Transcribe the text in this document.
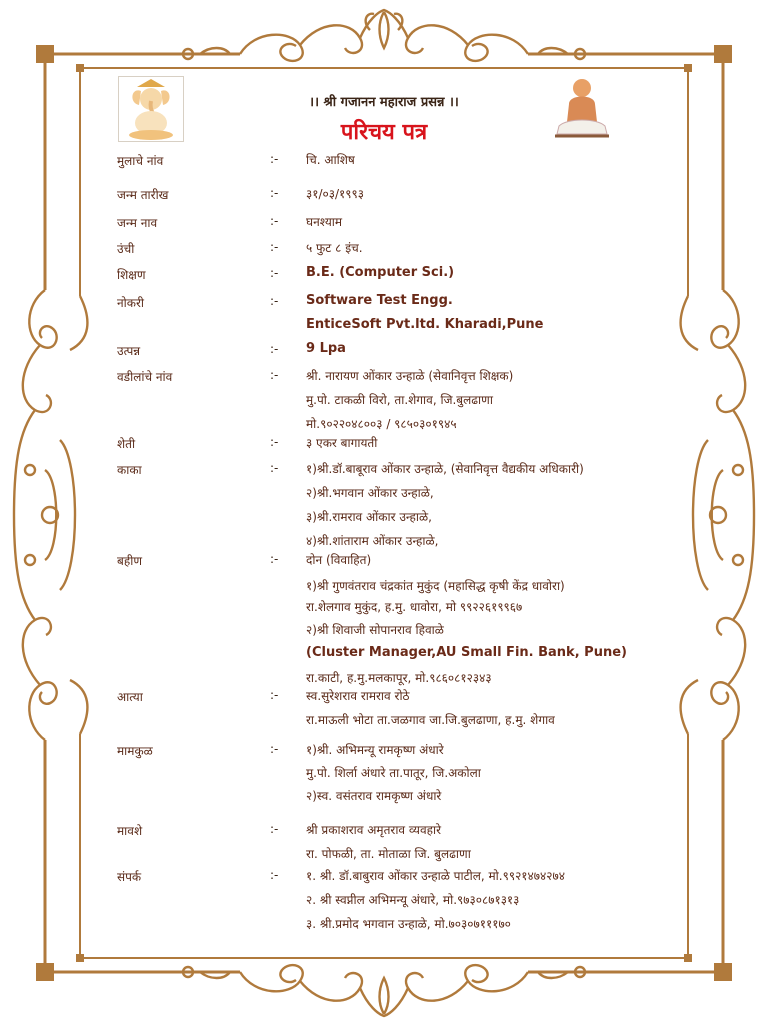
।। श्री गजानन महाराज प्रसन्न ।।
परिचय पत्र
मुलाचे नांव	:- चि. आशिष
जन्म तारीख	:- ३१/०३/१९९३
जन्म नाव	:- घनश्याम
उंची	:- ५ फुट ८ इंच.
शिक्षण	:- B.E. (Computer Sci.)
नोकरी	:- Software Test Engg.
EnticeSoft Pvt.ltd. Kharadi,Pune
उत्पन्न	:- 9 Lpa
वडीलांचे नांव	:- श्री. नारायण ओंकार उन्हाळे (सेवानिवृत्त शिक्षक)
मु.पो. टाकळी विरो, ता.शेगाव, जि.बुलढाणा
मो.९०२२०४८००३ / ९८५०३०१९४५
शेती	:- ३ एकर बागायती
काका	:- १)श्री.डॉ.बाबूराव ओंकार उन्हाळे, (सेवानिवृत्त वैद्यकीय अधिकारी)
२)श्री.भगवान ओंकार उन्हाळे,
३)श्री.रामराव ओंकार उन्हाळे,
४)श्री.शांताराम ओंकार उन्हाळे,
बहीण	:- दोन (विवाहित)
१)श्री गुणवंतराव चंद्रकांत मुकुंद (महासिद्ध कृषी केंद्र धावोरा)
रा.शेलगाव मुकुंद, ह.मु. धावोरा, मो ९९२२६१९९६७
२)श्री शिवाजी सोपानराव हिवाळे
(Cluster Manager,AU Small Fin. Bank, Pune)
रा.काटी, ह.मु.मलकापूर, मो.९८६०८१२३४३
आत्या	:- स्व.सुरेशराव रामराव रोठे
रा.माऊली भोटा ता.जळगाव जा.जि.बुलढाणा, ह.मु. शेगाव
मामकुळ	:- १)श्री. अभिमन्यू रामकृष्ण अंधारे
मु.पो. शिर्ला अंधारे ता.पातूर, जि.अकोला
२)स्व. वसंतराव रामकृष्ण अंधारे
मावशे	:- श्री प्रकाशराव अमृतराव व्यवहारे
रा. पोफळी, ता. मोताळा जि. बुलढाणा
संपर्क	:- १. श्री. डॉ.बाबुराव ओंकार उन्हाळे पाटील, मो.९९२१४७४२७४
२. श्री स्वप्नील अभिमन्यू अंधारे, मो.९७३०८७१३१३
३. श्री.प्रमोद भगवान उन्हाळे, मो.७०३०७१११७०
